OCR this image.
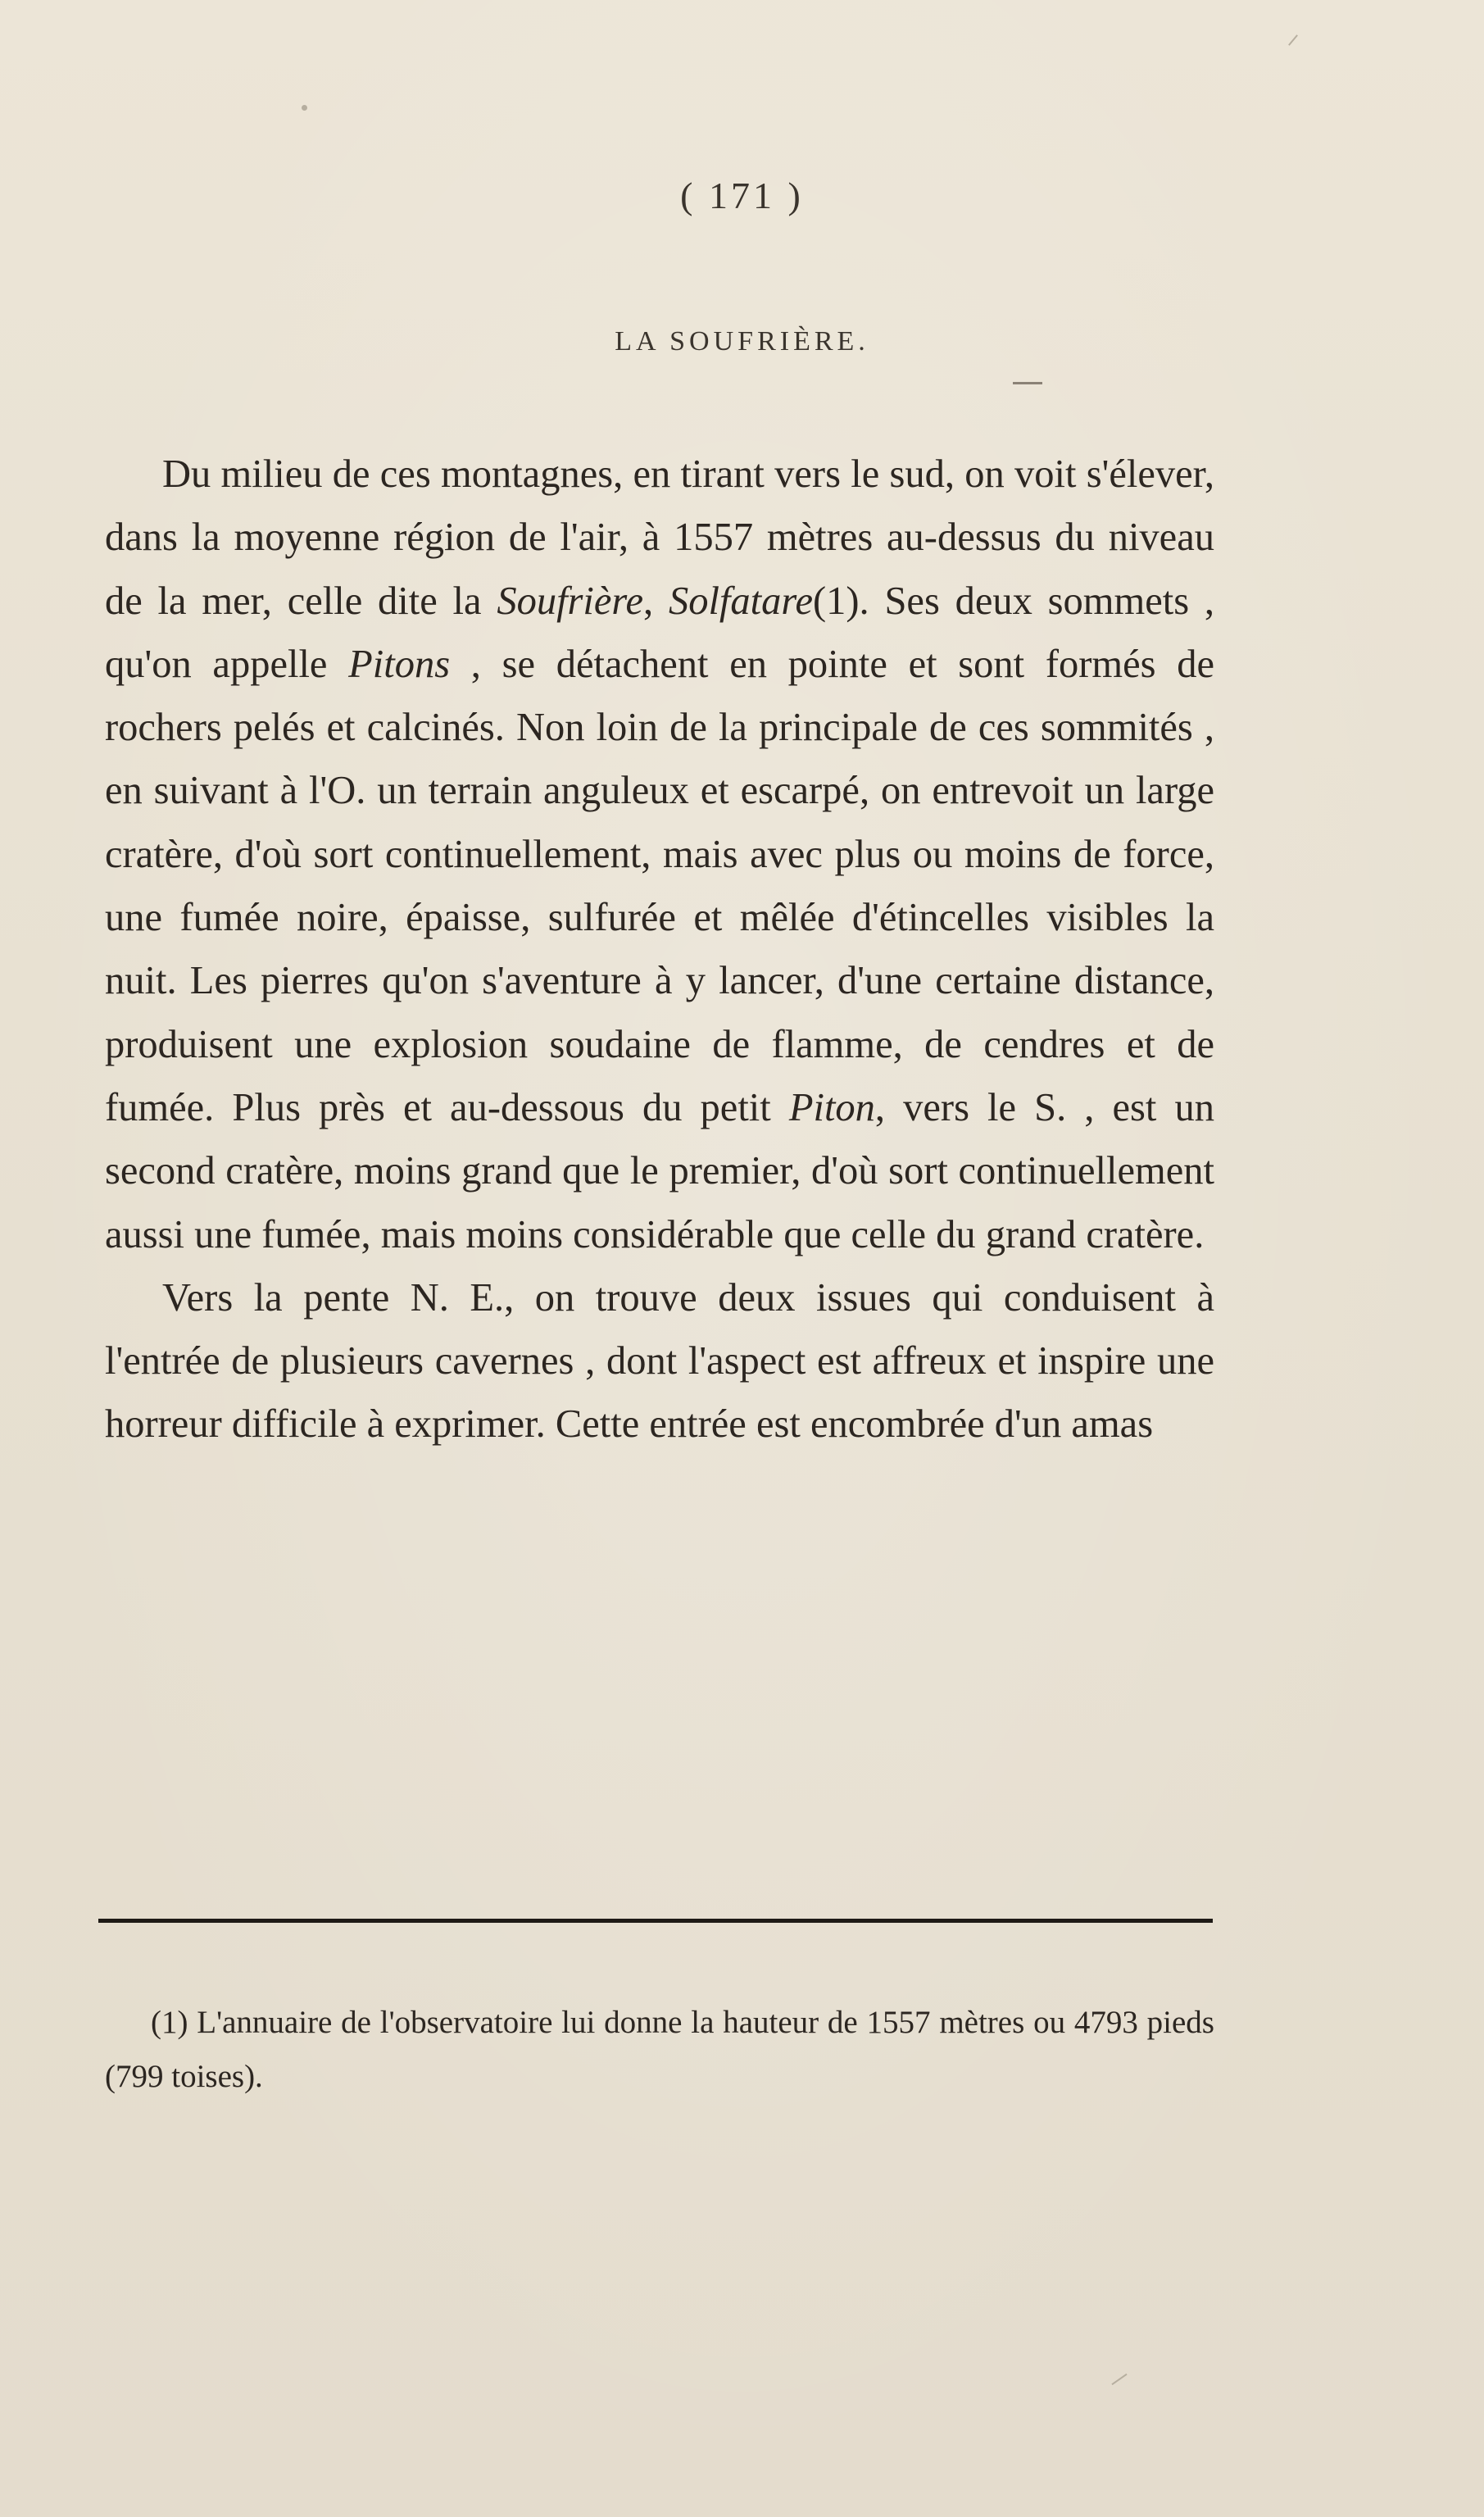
( 171 )
LA SOUFRIÈRE.

Du milieu de ces montagnes, en tirant vers le sud, on voit s'élever, dans la moyenne région de l'air, à 1557 mètres au-dessus du niveau de la mer, celle dite la Soufrière, Solfatare(1). Ses deux sommets , qu'on appelle Pitons , se détachent en pointe et sont formés de rochers pelés et calcinés. Non loin de la principale de ces sommités , en suivant à l'O. un terrain anguleux et escarpé, on entrevoit un large cratère, d'où sort continuellement, mais avec plus ou moins de force, une fumée noire, épaisse, sulfurée et mêlée d'étincelles visibles la nuit. Les pierres qu'on s'aventure à y lancer, d'une certaine distance, produisent une explosion soudaine de flamme, de cendres et de fumée. Plus près et au-dessous du petit Piton, vers le S. , est un second cratère, moins grand que le premier, d'où sort continuellement aussi une fumée, mais moins considérable que celle du grand cratère.

Vers la pente N. E., on trouve deux issues qui conduisent à l'entrée de plusieurs cavernes , dont l'aspect est affreux et inspire une horreur difficile à exprimer. Cette entrée est encombrée d'un amas

(1) L'annuaire de l'observatoire lui donne la hauteur de 1557 mètres ou 4793 pieds (799 toises).
